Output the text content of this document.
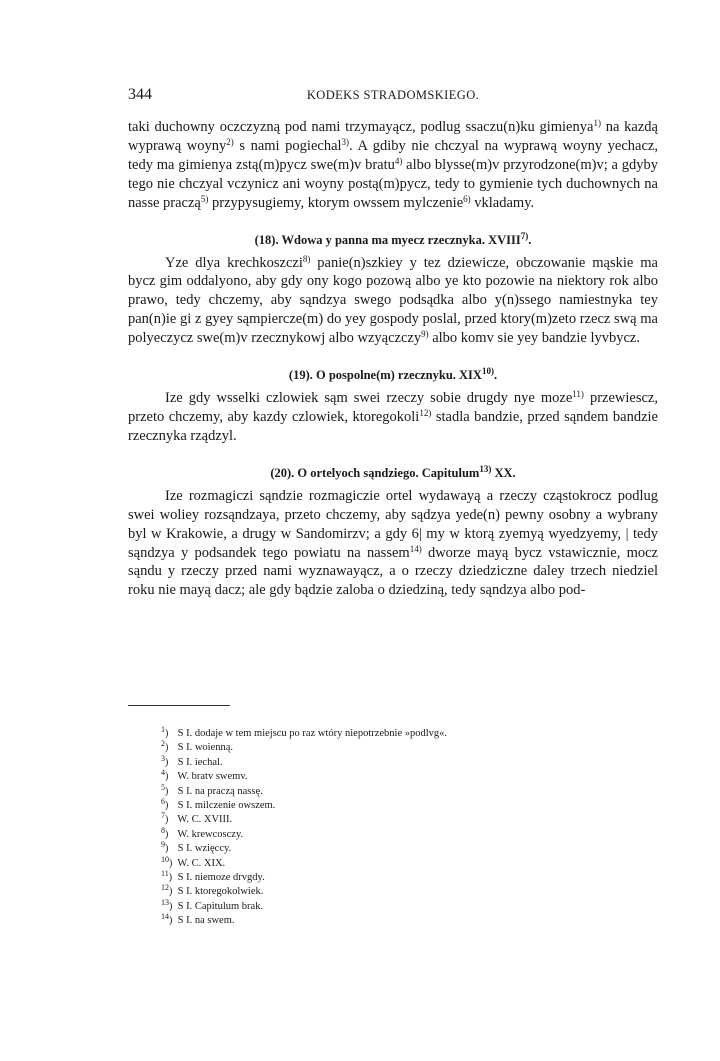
344	KODEKS STRADOMSKIEGO.

taki duchowny oczczyzną pod nami trzymayącz, podlug ssaczu(n)ku gimienya$^{1)}$ na kazdą wyprawą woyny$^{2)}$ s nami pogiechal$^{3)}$. A gdiby nie chczyal na wyprawą woyny yechacz, tedy ma gimienya zstą(m)pycz swe(m)v bratu$^{4)}$ albo blysse(m)v przyrodzone(m)v; a gdyby tego nie chczyal vczynicz ani woyny postą(m)pycz, tedy to gymienie tych duchownych na nasse praczą$^{5)}$ przypysugiemy, ktorym owssem mylczenie$^{6)}$ vkladamy.

(18). Wdowa y panna ma myecz rzecznyka. XVIII$^{7)}$.

Yze dlya krechkoszczi$^{8)}$ panie(n)szkiey y tez dziewicze, obczowanie mąskie ma bycz gim oddalyono, aby gdy ony kogo pozową albo ye kto pozowie na niektory rok albo prawo, tedy chczemy, aby sąndzya swego podsądka albo y(n)ssego namiestnyka tey pan(n)ie gi z gyey sąmpiercze(m) do yey gospody poslal, przed ktory(m)zeto rzecz swą ma polyeczycz swe(m)v rzecznykowj albo wzyączczy$^{9)}$ albo komv sie yey bandzie lyvbycz.

(19). O pospolne(m) rzecznyku. XIX$^{10)}$.

Ize gdy wsselki czlowiek sąm swei rzeczy sobie drugdy nye moze$^{11)}$ przewiescz, przeto chczemy, aby kazdy czlowiek, ktoregokoli$^{12)}$ stadla bandzie, przed sąndem bandzie rzecznyka rządzyl.

(20). O ortelyoch sąndziego. Capitulum$^{13)}$ XX.

Ize rozmagiczi sąndzie rozmagiczie ortel wydawayą a rzeczy cząstokrocz podlug swei woliey rozsąndzaya, przeto chczemy, aby sądzya yede(n) pewny osobny a wybrany byl w Krakowie, a drugy w Sandomirzv; a gdy 6| my w ktorą zyemyą wyedzyemy, | tedy sąndzya y podsandek tego powiatu na nassem$^{14)}$ dworze mayą bycz vstawicznie, mocz sąndu y rzeczy przed nami wyznawayącz, a o rzeczy dziedziczne daley trzech niedziel roku nie mayą dacz; ale gdy bądzie zaloba o dziedziną, tedy sąndzya albo pod-

$^1$) S I. dodaje w tem miejscu po raz wtóry niepotrzebnie »podlvg«.
$^2$) S I. woienną.
$^3$) S I. iechal.
$^4$) W. bratv swemv.
$^5$) S I. na praczą nassę.
$^6$) S I. milczenie owszem.
$^7$) W. C. XVIII.
$^8$) W. krewcosczy.
$^9$) S I. wzięccy.
$^{10}$) W. C. XIX.
$^{11}$) S I. niemoze drvgdy.
$^{12}$) S I. ktoregokolwiek.
$^{13}$) S I. Capitulum brak.
$^{14}$) S I. na swem.
